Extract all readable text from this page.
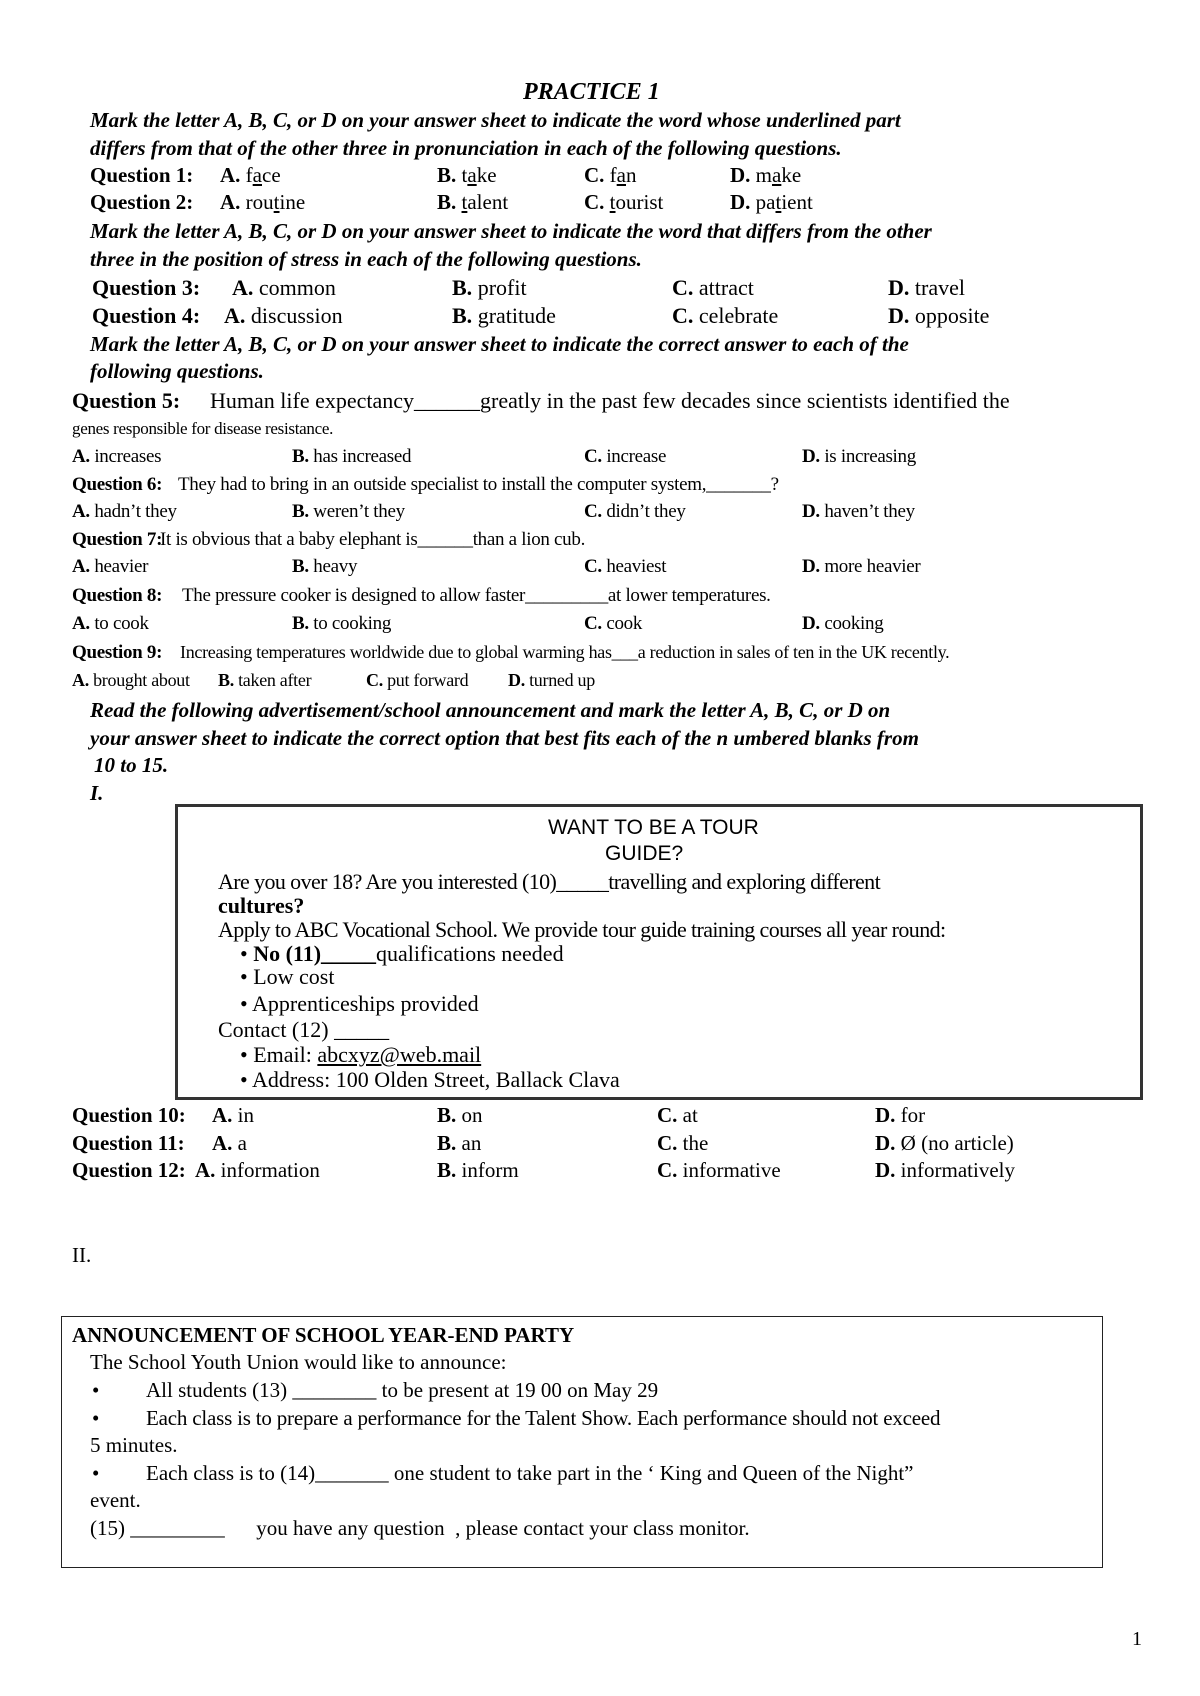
PRACTICE 1
Mark the letter A, B, C, or D on your answer sheet to indicate the word whose underlined part
differs from that of the other three in pronunciation in each of the following questions.
Question 1: A. face	B. take	C. fan	D. make
Question 2: A. routine	B. talent	C. tourist	D. patient
Mark the letter A, B, C, or D on your answer sheet to indicate the word that differs from the other
three in the position of stress in each of the following questions.
Question 3: A. common	B. profit	C. attract	D. travel
Question 4: A. discussion	B. gratitude	C. celebrate	D. opposite
Mark the letter A, B, C, or D on your answer sheet to indicate the correct answer to each of the
following questions.
Question 5: Human life expectancy______greatly in the past few decades since scientists identified the
genes responsible for disease resistance.
A. increases	B. has increased	C. increase	D. is increasing
Question 6: They had to bring in an outside specialist to install the computer system,_______?
A. hadn’t they	B. weren’t they	C. didn’t they	D. haven’t they
Question 7:
It is obvious that a baby elephant is______than a lion cub.
A. heavier	B. heavy	C. heaviest	D. more heavier
Question 8: The pressure cooker is designed to allow faster_________at lower temperatures.
A. to cook	B. to cooking	C. cook	D. cooking
Question 9: Increasing temperatures worldwide due to global warming has___a reduction in sales of ten in the UK recently.
A. brought about B. taken after	C. put forward D. turned up
Read the following advertisement/school announcement and mark the letter A, B, C, or D on
your answer sheet to indicate the correct option that best fits each of the n umbered blanks from
10 to 15.
I.
WANT TO BE A TOUR
GUIDE?
Are you over 18? Are you interested (10)_____travelling and exploring different
cultures?
Apply to ABC Vocational School. We provide tour guide training courses all year round:
• No (11)_____qualifications needed
• Low cost
• Apprenticeships provided
Contact (12) _____
• Email: abcxyz@web.mail
• Address: 100 Olden Street, Ballack Clava
Question 10: A. in	B. on	C. at	D. for
Question 11: A. a	B. an	C. the	D. Ø (no article)
Question 12: A. information	B. inform	C. informative	D. informatively
II.
ANNOUNCEMENT OF SCHOOL YEAR-END PARTY
The School Youth Union would like to announce:
• All students (13) ________ to be present at 19 00 on May 29
• Each class is to prepare a performance for the Talent Show. Each performance should not exceed
5 minutes.
• Each class is to (14)_______ one student to take part in the ‘ King and Queen of the Night”
event.
(15) _________      you have any question  , please contact your class monitor.
1
